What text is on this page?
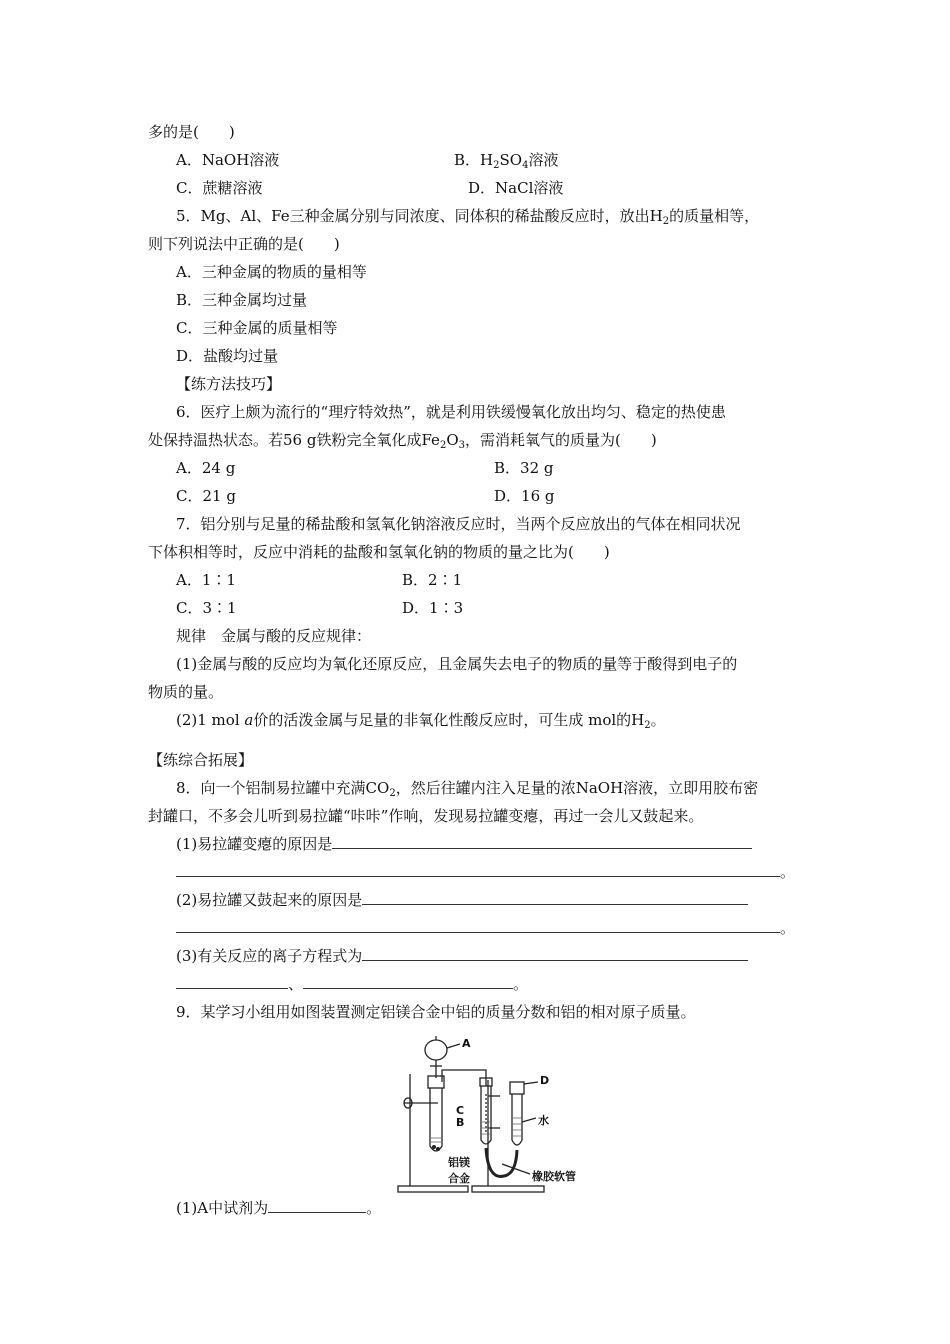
多的是(　　)
A．NaOH溶液	B．$H_2SO_4$溶液
C．蔗糖溶液	D．NaCl溶液
5．Mg、Al、Fe三种金属分别与同浓度、同体积的稀盐酸反应时，放出$H_2$的质量相等，
则下列说法中正确的是(　　)
A．三种金属的物质的量相等
B．三种金属均过量
C．三种金属的质量相等
D．盐酸均过量
【练方法技巧】
6．医疗上颇为流行的“理疗特效热”，就是利用铁缓慢氧化放出均匀、稳定的热使患
处保持温热状态。若56 g铁粉完全氧化成$Fe_2O_3$，需消耗氧气的质量为(　　)
A．24 g	B．32 g
C．21 g	D．16 g
7．铝分别与足量的稀盐酸和氢氧化钠溶液反应时，当两个反应放出的气体在相同状况
下体积相等时，反应中消耗的盐酸和氢氧化钠的物质的量之比为(　　)
A．1∶1	B．2∶1
C．3∶1	D．1∶3
规律　金属与酸的反应规律：
(1)金属与酸的反应均为氧化还原反应，且金属失去电子的物质的量等于酸得到电子的
物质的量。
(2)1 mol a价的活泼金属与足量的非氧化性酸反应时，可生成 mol的$H_2$。
【练综合拓展】
8．向一个铝制易拉罐中充满$CO_2$，然后往罐内注入足量的浓NaOH溶液，立即用胶布密
封罐口，不多会儿听到易拉罐“咔咔”作响，发现易拉罐变瘪，再过一会儿又鼓起来。
(1)易拉罐变瘪的原因是
。
(2)易拉罐又鼓起来的原因是
。
(3)有关反应的离子方程式为
、	。
9．某学习小组用如图装置测定铝镁合金中铝的质量分数和铝的相对原子质量。
A
C
B
D
水
铝镁
合金	橡胶软管
(1)A中试剂为	。
